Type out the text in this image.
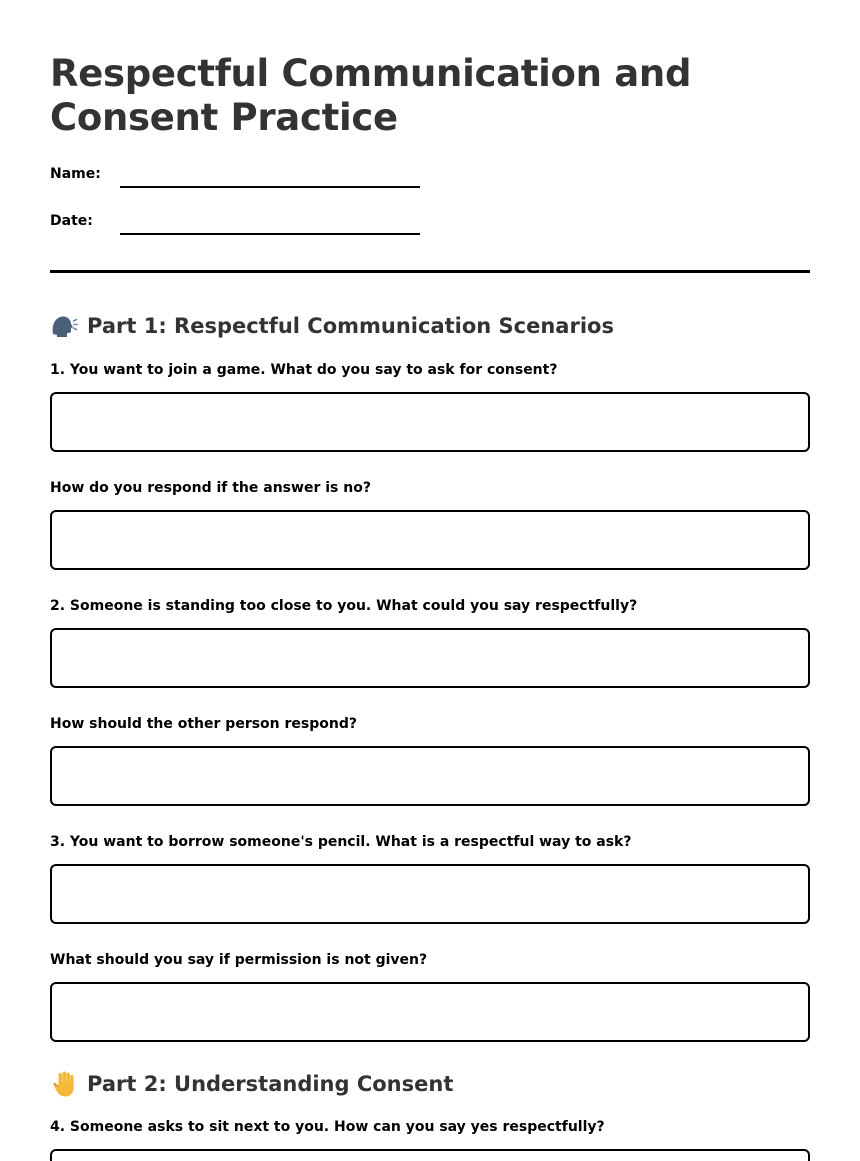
Respectful Communication and
Consent Practice
Name:
Date:
Part 1: Respectful Communication Scenarios

1. You want to join a game. What do you say to ask for consent?

How do you respond if the answer is no?

2. Someone is standing too close to you. What could you say respectfully?

How should the other person respond?

3. You want to borrow someone's pencil. What is a respectful way to ask?

What should you say if permission is not given?

Part 2: Understanding Consent

4. Someone asks to sit next to you. How can you say yes respectfully?
